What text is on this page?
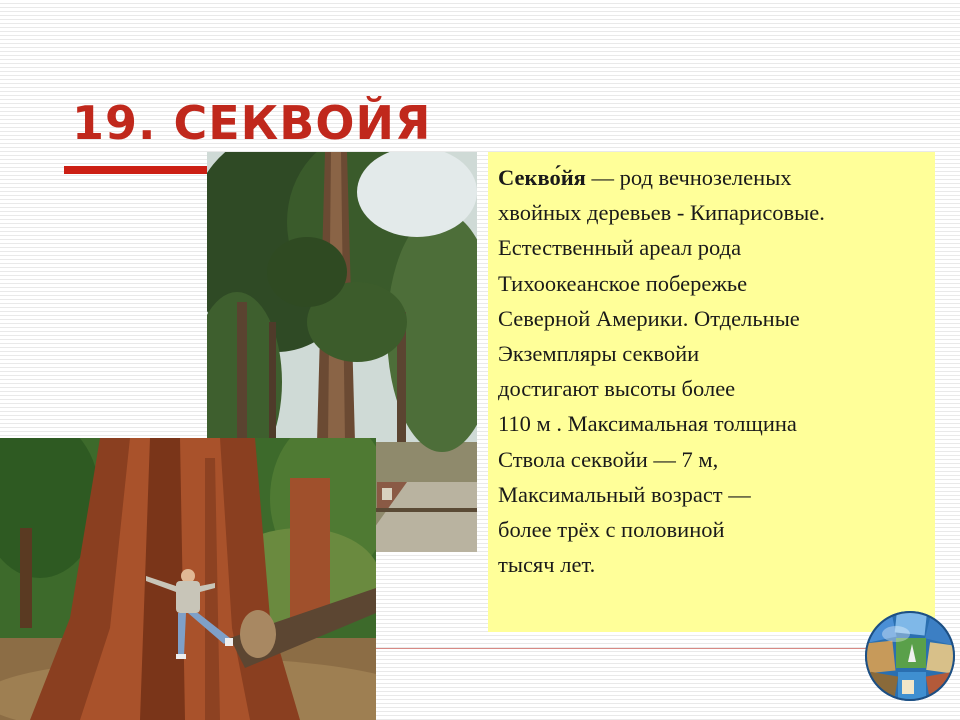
19. СЕКВОЙЯ
Секво́йя — род вечнозеленых
хвойных деревьев - Кипарисовые.
Естественный ареал рода
Тихоокеанское побережье
Северной Америки. Отдельные
Экземпляры секвойи
достигают высоты более
110 м . Максимальная толщина
Ствола секвойи — 7 м,
Максимальный возраст —
более трёх с половиной
тысяч лет.
